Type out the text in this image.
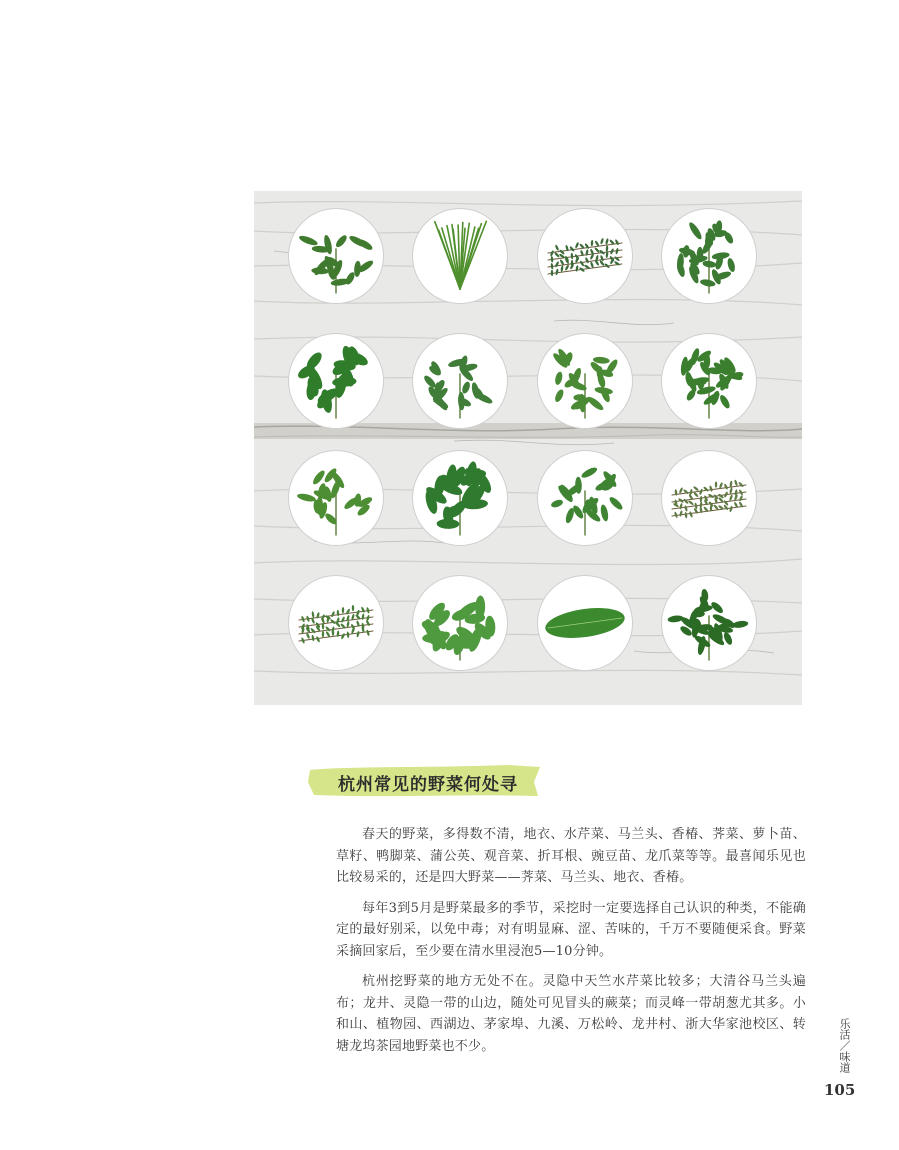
杭州常见的野菜何处寻

春天的野菜，多得数不清，地衣、水芹菜、马兰头、香椿、荠菜、萝卜苗、草籽、鸭脚菜、蒲公英、观音菜、折耳根、豌豆苗、龙爪菜等等。最喜闻乐见也比较易采的，还是四大野菜——荠菜、马兰头、地衣、香椿。

每年3到5月是野菜最多的季节，采挖时一定要选择自己认识的种类，不能确定的最好别采，以免中毒；对有明显麻、涩、苦味的，千万不要随便采食。野菜采摘回家后，至少要在清水里浸泡5—10分钟。

杭州挖野菜的地方无处不在。灵隐中天竺水芹菜比较多；大清谷马兰头遍布；龙井、灵隐一带的山边，随处可见冒头的蕨菜；而灵峰一带胡葱尤其多。小和山、植物园、西湖边、茅家埠、九溪、万松岭、龙井村、浙大华家池校区、转塘龙坞茶园地野菜也不少。	乐活／味道
105
